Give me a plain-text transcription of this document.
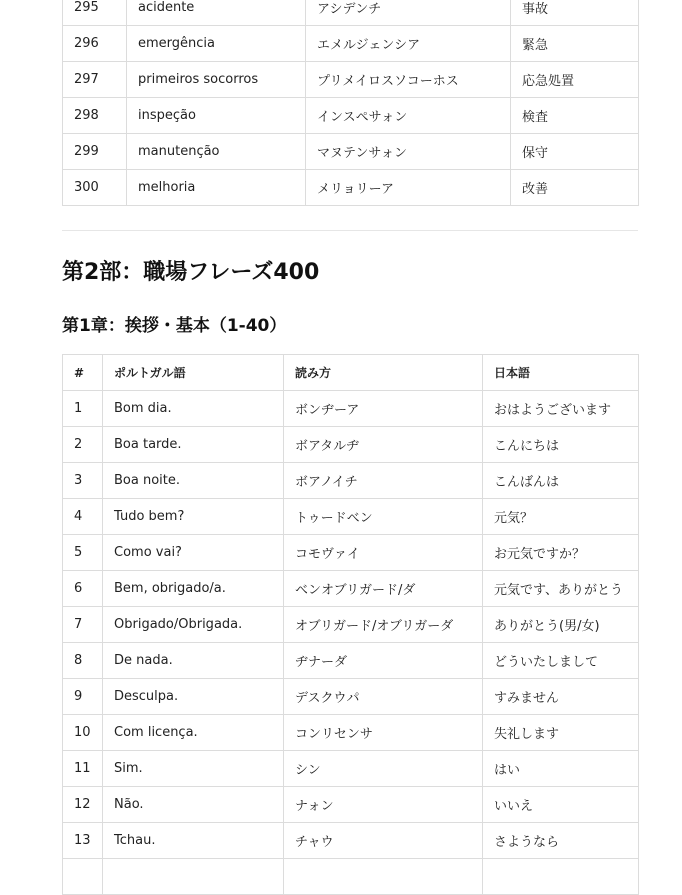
295	acidente	アシデンチ	事故
296	emergência	エメルジェンシア	緊急
297	primeiros socorros	プリメイロスソコーホス	応急処置
298	inspeção	インスペサォン	検査
299	manutenção	マヌテンサォン	保守
300	melhoria	メリョリーア	改善
第2部：職場フレーズ400
第1章：挨拶・基本（1-40）
#	ポルトガル語	読み方	日本語
1	Bom dia.	ボンヂーア	おはようございます
2	Boa tarde.	ボアタルヂ	こんにちは
3	Boa noite.	ボアノイチ	こんばんは
4	Tudo bem?	トゥードベン	元気？
5	Como vai?	コモヴァイ	お元気ですか？
6	Bem, obrigado/a.	ベンオブリガード/ダ	元気です、ありがとう
7	Obrigado/Obrigada.	オブリガード/オブリガーダ	ありがとう(男/女)
8	De nada.	ヂナーダ	どういたしまして
9	Desculpa.	デスクウパ	すみません
10	Com licença.	コンリセンサ	失礼します
11	Sim.	シン	はい
12	Não.	ナォン	いいえ
13	Tchau.	チャウ	さようなら
